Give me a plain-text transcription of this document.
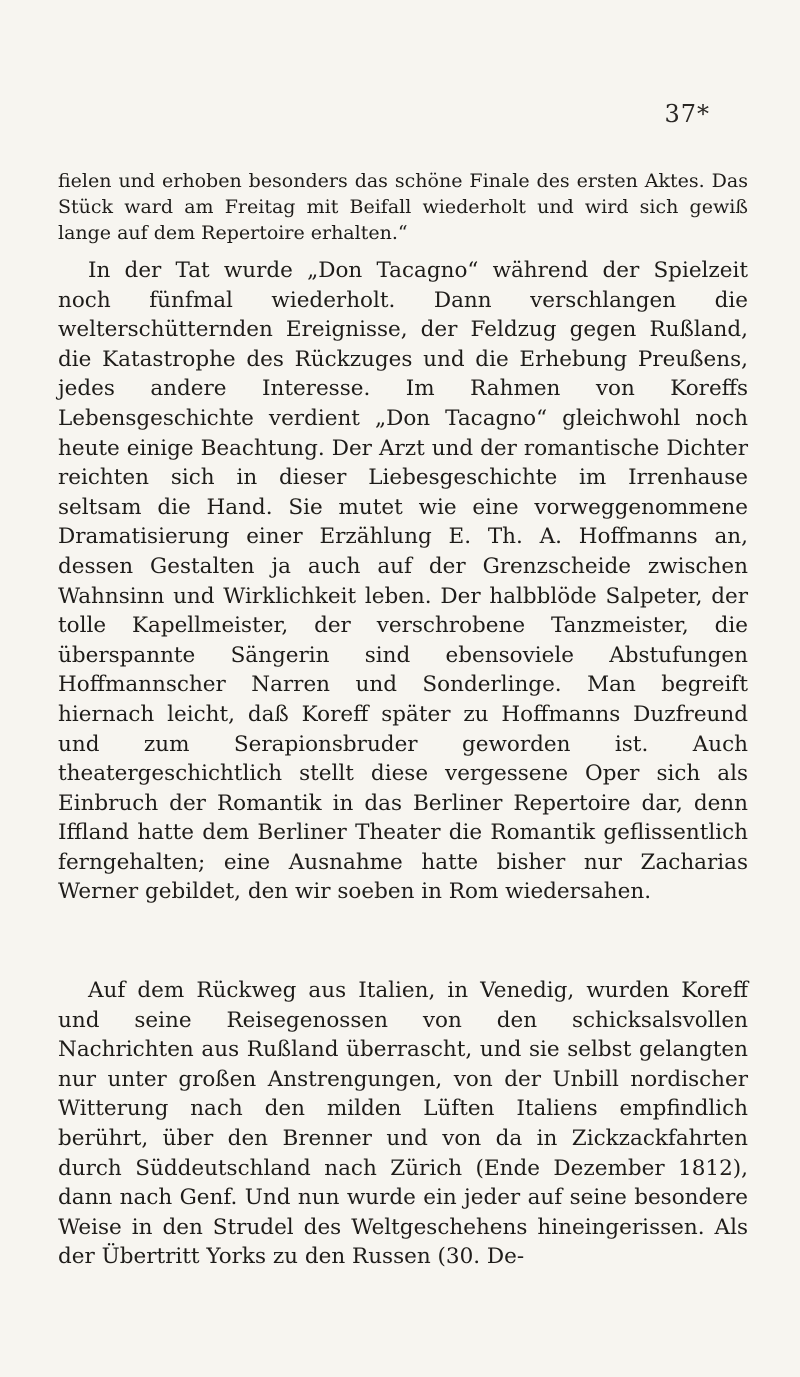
37*

fielen und erhoben besonders das schöne Finale des ersten Aktes. Das Stück ward am Freitag mit Beifall wiederholt und wird sich gewiß lange auf dem Repertoire erhalten.“

In der Tat wurde „Don Tacagno“ während der Spielzeit noch fünfmal wiederholt. Dann verschlangen die welterschütternden Ereignisse, der Feldzug gegen Rußland, die Katastrophe des Rückzuges und die Erhebung Preußens, jedes andere Interesse. Im Rahmen von Koreffs Lebensgeschichte verdient „Don Tacagno“ gleichwohl noch heute einige Beachtung. Der Arzt und der romantische Dichter reichten sich in dieser Liebesgeschichte im Irrenhause seltsam die Hand. Sie mutet wie eine vorweggenommene Dramatisierung einer Erzählung E. Th. A. Hoffmanns an, dessen Gestalten ja auch auf der Grenzscheide zwischen Wahnsinn und Wirklichkeit leben. Der halbblöde Salpeter, der tolle Kapellmeister, der verschrobene Tanzmeister, die überspannte Sängerin sind ebensoviele Abstufungen Hoffmannscher Narren und Sonderlinge. Man begreift hiernach leicht, daß Koreff später zu Hoffmanns Duzfreund und zum Serapionsbruder geworden ist. Auch theatergeschichtlich stellt diese vergessene Oper sich als Einbruch der Romantik in das Berliner Repertoire dar, denn Iffland hatte dem Berliner Theater die Romantik geflissentlich ferngehalten; eine Ausnahme hatte bisher nur Zacharias Werner gebildet, den wir soeben in Rom wiedersahen.

Auf dem Rückweg aus Italien, in Venedig, wurden Koreff und seine Reisegenossen von den schicksalsvollen Nachrichten aus Rußland überrascht, und sie selbst gelangten nur unter großen Anstrengungen, von der Unbill nordischer Witterung nach den milden Lüften Italiens empfindlich berührt, über den Brenner und von da in Zickzackfahrten durch Süddeutschland nach Zürich (Ende Dezember 1812), dann nach Genf. Und nun wurde ein jeder auf seine besondere Weise in den Strudel des Weltgeschehens hineingerissen. Als der Übertritt Yorks zu den Russen (30. De-
